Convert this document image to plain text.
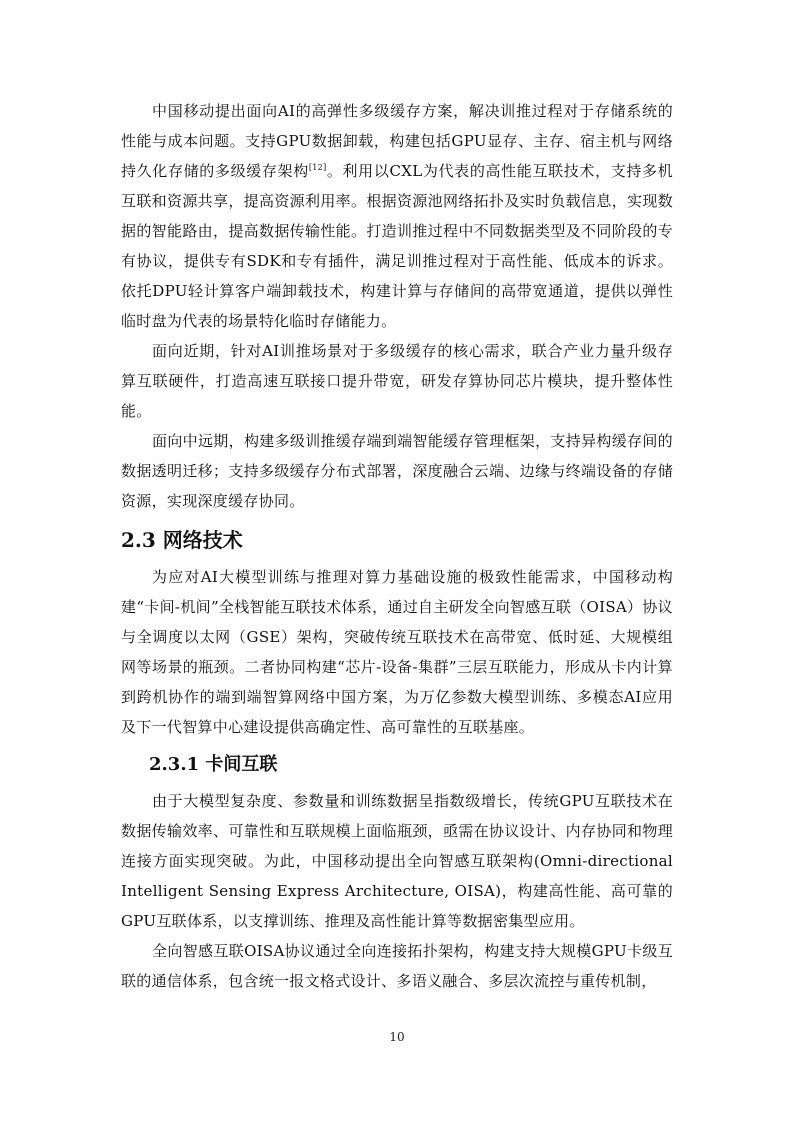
中国移动提出面向AI的高弹性多级缓存方案，解决训推过程对于存储系统的性能与成本问题。支持GPU数据卸载，构建包括GPU显存、主存、宿主机与网络持久化存储的多级缓存架构[12]。利用以CXL为代表的高性能互联技术，支持多机互联和资源共享，提高资源利用率。根据资源池网络拓扑及实时负载信息，实现数据的智能路由，提高数据传输性能。打造训推过程中不同数据类型及不同阶段的专有协议，提供专有SDK和专有插件，满足训推过程对于高性能、低成本的诉求。依托DPU轻计算客户端卸载技术，构建计算与存储间的高带宽通道，提供以弹性临时盘为代表的场景特化临时存储能力。

面向近期，针对AI训推场景对于多级缓存的核心需求，联合产业力量升级存算互联硬件，打造高速互联接口提升带宽，研发存算协同芯片模块，提升整体性能。

面向中远期，构建多级训推缓存端到端智能缓存管理框架，支持异构缓存间的数据透明迁移；支持多级缓存分布式部署，深度融合云端、边缘与终端设备的存储资源，实现深度缓存协同。

2.3 网络技术

为应对AI大模型训练与推理对算力基础设施的极致性能需求，中国移动构建“卡间-机间”全栈智能互联技术体系，通过自主研发全向智感互联（OISA）协议与全调度以太网（GSE）架构，突破传统互联技术在高带宽、低时延、大规模组网等场景的瓶颈。二者协同构建“芯片-设备-集群”三层互联能力，形成从卡内计算到跨机协作的端到端智算网络中国方案，为万亿参数大模型训练、多模态AI应用及下一代智算中心建设提供高确定性、高可靠性的互联基座。

2.3.1 卡间互联

由于大模型复杂度、参数量和训练数据呈指数级增长，传统GPU互联技术在数据传输效率、可靠性和互联规模上面临瓶颈，亟需在协议设计、内存协同和物理连接方面实现突破。为此，中国移动提出全向智感互联架构(Omni-directional Intelligent Sensing Express Architecture, OISA)，构建高性能、高可靠的GPU互联体系，以支撑训练、推理及高性能计算等数据密集型应用。

全向智感互联OISA协议通过全向连接拓扑架构，构建支持大规模GPU卡级互联的通信体系，包含统一报文格式设计、多语义融合、多层次流控与重传机制，

10
